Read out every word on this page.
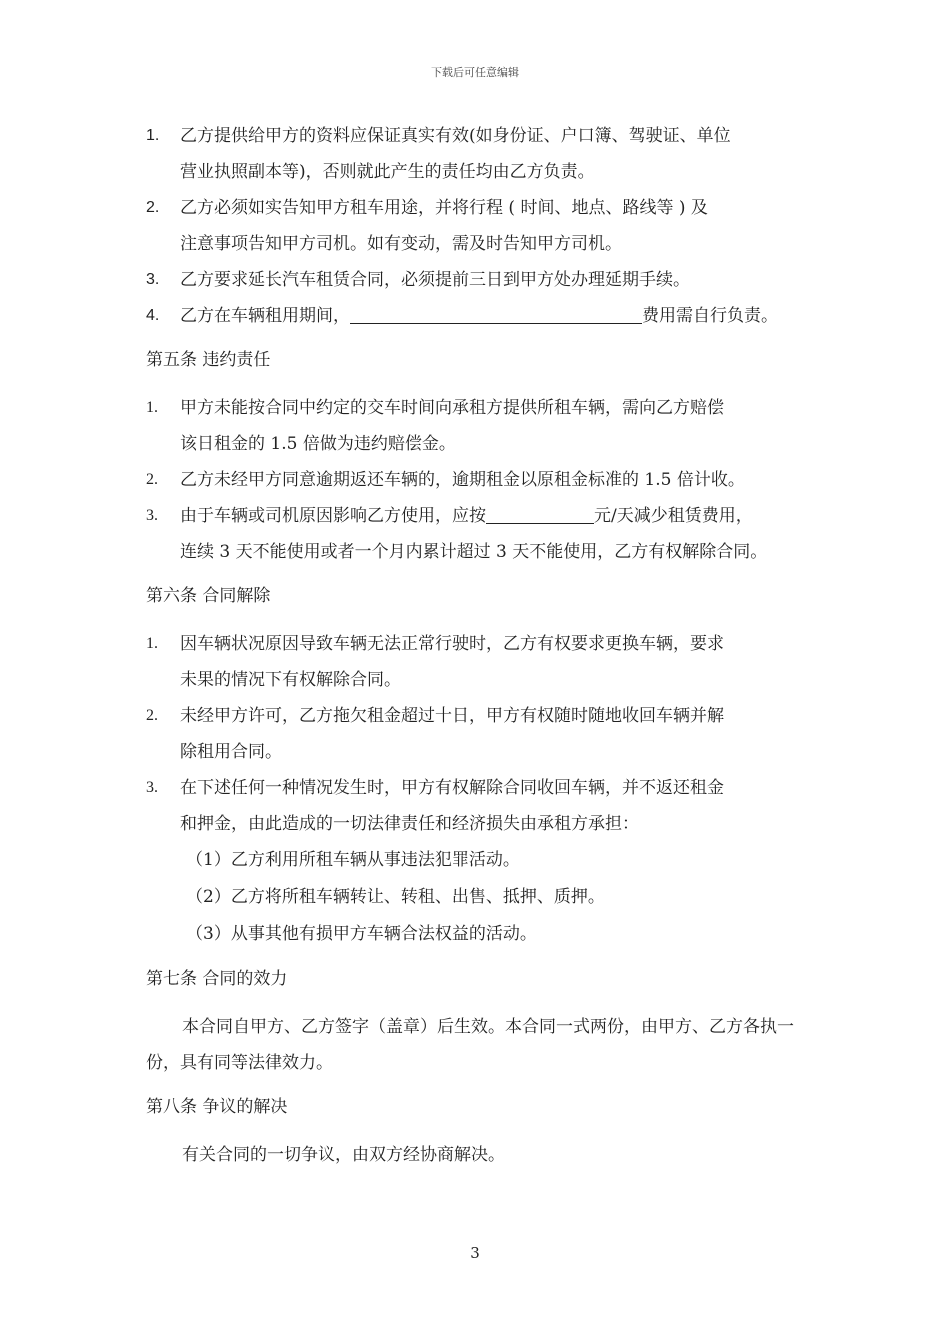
下载后可任意编辑
1.	乙方提供给甲方的资料应保证真实有效(如身份证、户口簿、驾驶证、单位
营业执照副本等)，否则就此产生的责任均由乙方负责。
2.	乙方必须如实告知甲方租车用途，并将行程 ( 时间、地点、路线等 ) 及
注意事项告知甲方司机。如有变动，需及时告知甲方司机。
3.	乙方要求延长汽车租赁合同，必须提前三日到甲方处办理延期手续。
4.	乙方在车辆租用期间，	费用需自行负责。
第五条 违约责任
1.	甲方未能按合同中约定的交车时间向承租方提供所租车辆，需向乙方赔偿
该日租金的 1.5 倍做为违约赔偿金。
2.	乙方未经甲方同意逾期返还车辆的，逾期租金以原租金标准的 1.5 倍计收。
3.	由于车辆或司机原因影响乙方使用，应按	元/天减少租赁费用，
连续 3 天不能使用或者一个月内累计超过 3 天不能使用，乙方有权解除合同。
第六条 合同解除
1.	因车辆状况原因导致车辆无法正常行驶时，乙方有权要求更换车辆，要求
未果的情况下有权解除合同。
2.	未经甲方许可，乙方拖欠租金超过十日，甲方有权随时随地收回车辆并解
除租用合同。
3.	在下述任何一种情况发生时，甲方有权解除合同收回车辆，并不返还租金
和押金，由此造成的一切法律责任和经济损失由承租方承担：
（1）乙方利用所租车辆从事违法犯罪活动。
（2）乙方将所租车辆转让、转租、出售、抵押、质押。
（3）从事其他有损甲方车辆合法权益的活动。
第七条 合同的效力
本合同自甲方、乙方签字（盖章）后生效。本合同一式两份，由甲方、乙方各执一份，具有同等法律效力。
第八条 争议的解决
有关合同的一切争议，由双方经协商解决。
3
